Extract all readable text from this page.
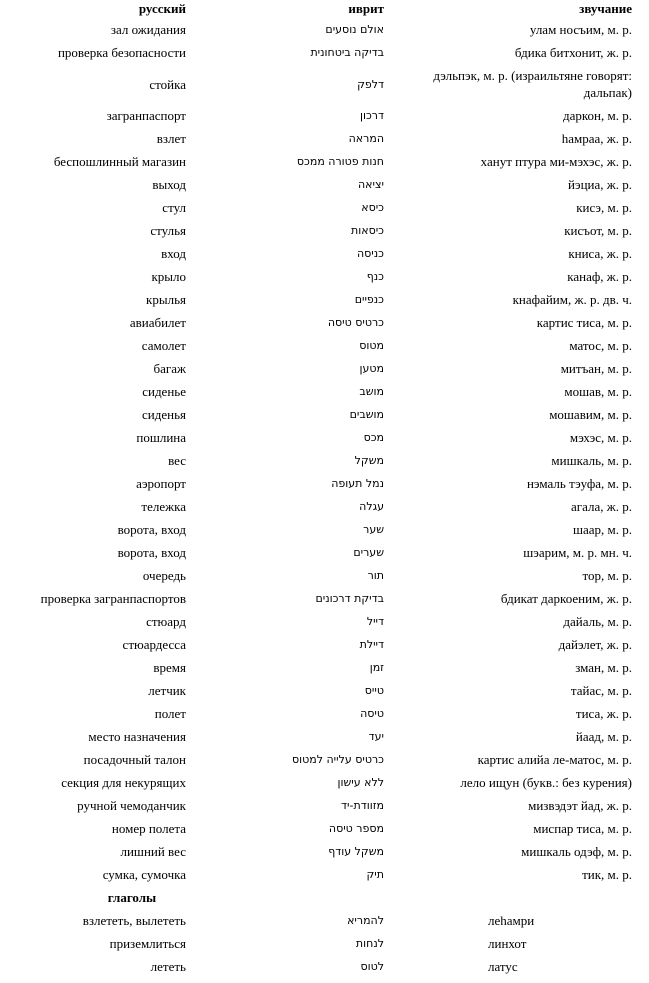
русский	иврит	звучание
зал ожидания	אולם נוסעים	улам носъим, м. р.
проверка безопасности	בדיקה ביטחונית	бдика битхонит, ж. р.
стойка	דלפק	дэльпэк, м. р. (израильтяне говорят: дальпак)
загранпаспорт	דרכון	даркон, м. р.
взлет	המראה	hамраа, ж. р.
беспошлинный магазин	חנות פטורה ממכס	ханут птура ми-мэхэс, ж. р.
выход	יציאה	йэциа, ж. р.
стул	כיסא	кисэ, м. р.
стулья	כיסאות	кисъот, м. р.
вход	כניסה	книса, ж. р.
крыло	כנף	канаф, ж. р.
крылья	כנפיים	кнафайим, ж. р. дв. ч.
авиабилет	כרטיס טיסה	картис тиса, м. р.
самолет	מטוס	матос, м. р.
багаж	מטען	митъан, м. р.
сиденье	מושב	мошав, м. р.
сиденья	מושבים	мошавим, м. р.
пошлина	מכס	мэхэс, м. р.
вес	משקל	мишкаль, м. р.
аэропорт	נמל תעופה	нэмаль тэуфа, м. р.
тележка	עגלה	агала, ж. р.
ворота, вход	שער	шаар, м. р.
ворота, вход	שערים	шэарим, м. р. мн. ч.
очередь	תור	тор, м. р.
проверка загранпаспортов	בדיקת דרכונים	бдикат даркоеним, ж. р.
стюард	דייל	дайаль, м. р.
стюардесса	דיילת	дайэлет, ж. р.
время	זמן	зман, м. р.
летчик	טייס	тайас, м. р.
полет	טיסה	тиса, ж. р.
место назначения	יעד	йаад, м. р.
посадочный талон	כרטיס עלייה למטוס	картис алийа ле-матос, м. р.
секция для некурящих	ללא עישון	лело ищун (букв.: без курения)
ручной чемоданчик	מזוודת-יד	мизвэдэт йад, ж. р.
номер полета	מספר טיסה	миспар тиса, м. р.
лишний вес	משקל עודף	мишкаль одэф, м. р.
сумка, сумочка	תיק	тик, м. р.
глаголы		
взлететь, вылететь	להמריא	леhамри
приземлиться	לנחות	линхот
лететь	לטוס	латус
